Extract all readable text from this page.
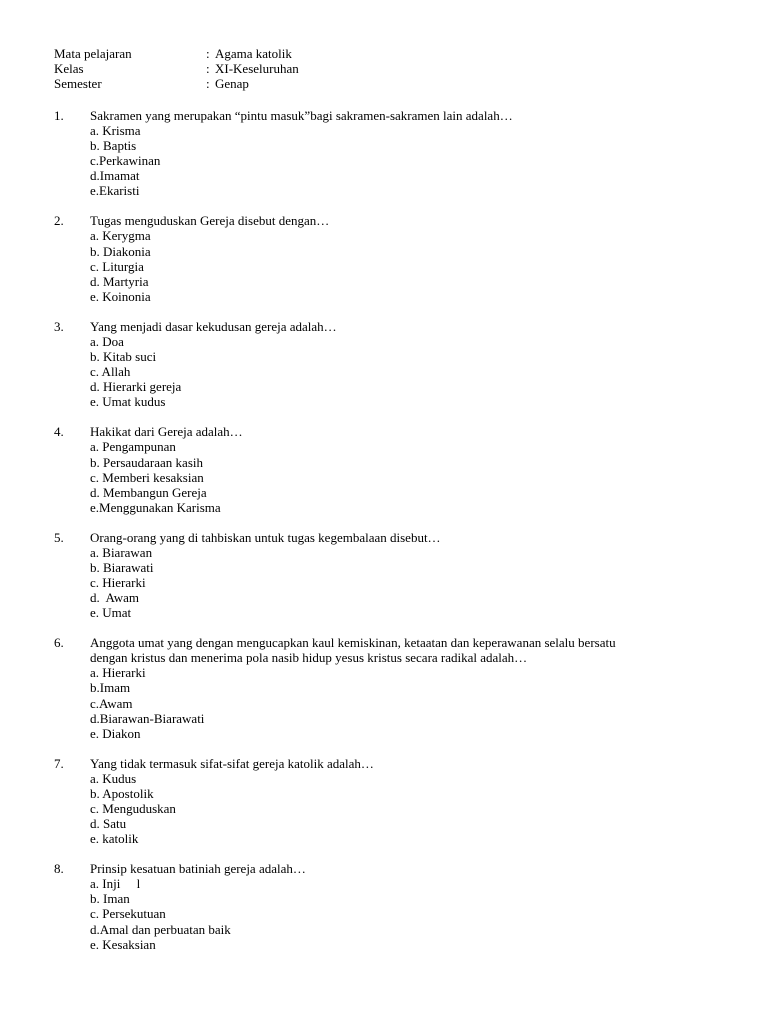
Mata pelajaran	: Agama katolik
Kelas	: XI-Keseluruhan
Semester	: Genap
1.	Sakramen yang merupakan “pintu masuk”bagi sakramen-sakramen lain adalah…
a. Krisma
b. Baptis
c.Perkawinan
d.Imamat
e.Ekaristi
2.	Tugas menguduskan Gereja disebut dengan…
a. Kerygma
b. Diakonia
c. Liturgia
d. Martyria
e. Koinonia
3.	Yang menjadi dasar kekudusan gereja adalah…
a. Doa
b. Kitab suci
c. Allah
d. Hierarki gereja
e. Umat kudus
4.	Hakikat dari Gereja adalah…
a. Pengampunan
b. Persaudaraan kasih
c. Memberi kesaksian
d. Membangun Gereja
e.Menggunakan Karisma
5.	Orang-orang yang di tahbiskan untuk tugas kegembalaan disebut…
a. Biarawan
b. Biarawati
c. Hierarki
d.  Awam
e. Umat
6.	Anggota umat yang dengan mengucapkan kaul kemiskinan, ketaatan dan keperawanan selalu bersatu
dengan kristus dan menerima pola nasib hidup yesus kristus secara radikal adalah…
a. Hierarki
b.Imam
c.Awam
d.Biarawan-Biarawati
e. Diakon
7.	Yang tidak termasuk sifat-sifat gereja katolik adalah…
a. Kudus
b. Apostolik
c. Menguduskan
d. Satu
e. katolik
8.	Prinsip kesatuan batiniah gereja adalah…
a. Inji     l
b. Iman
c. Persekutuan
d.Amal dan perbuatan baik
e. Kesaksian
